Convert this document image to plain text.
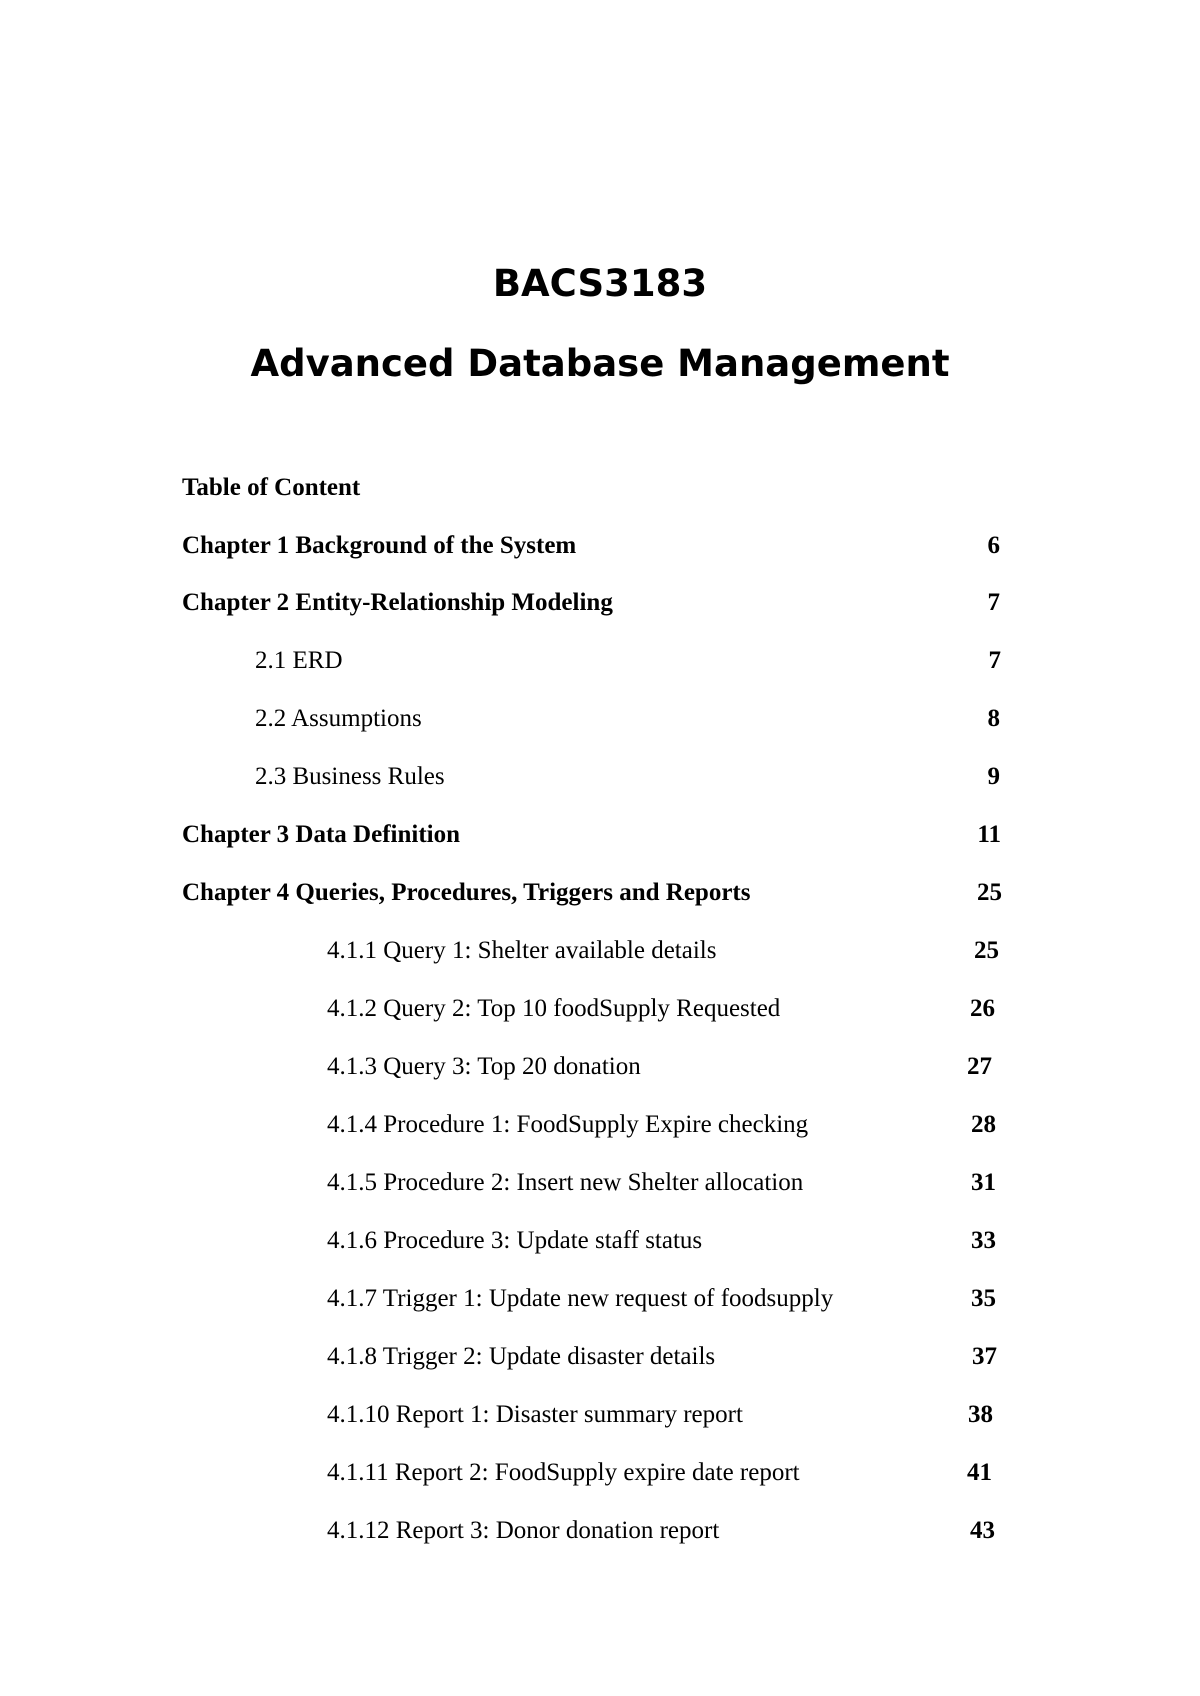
BACS3183
Advanced Database Management
Table of Content
Chapter 1 Background of the System	6
Chapter 2 Entity-Relationship Modeling	7
2.1 ERD	7
2.2 Assumptions	8
2.3 Business Rules	9
Chapter 3 Data Definition	11
Chapter 4 Queries, Procedures, Triggers and Reports	25
4.1.1 Query 1: Shelter available details	25
4.1.2 Query 2: Top 10 foodSupply Requested	26
4.1.3 Query 3: Top 20 donation	27
4.1.4 Procedure 1: FoodSupply Expire checking	28
4.1.5 Procedure 2: Insert new Shelter allocation	31
4.1.6 Procedure 3: Update staff status	33
4.1.7 Trigger 1: Update new request of foodsupply	35
4.1.8 Trigger 2: Update disaster details	37
4.1.10 Report 1: Disaster summary report	38
4.1.11 Report 2: FoodSupply expire date report	41
4.1.12 Report 3: Donor donation report	43
